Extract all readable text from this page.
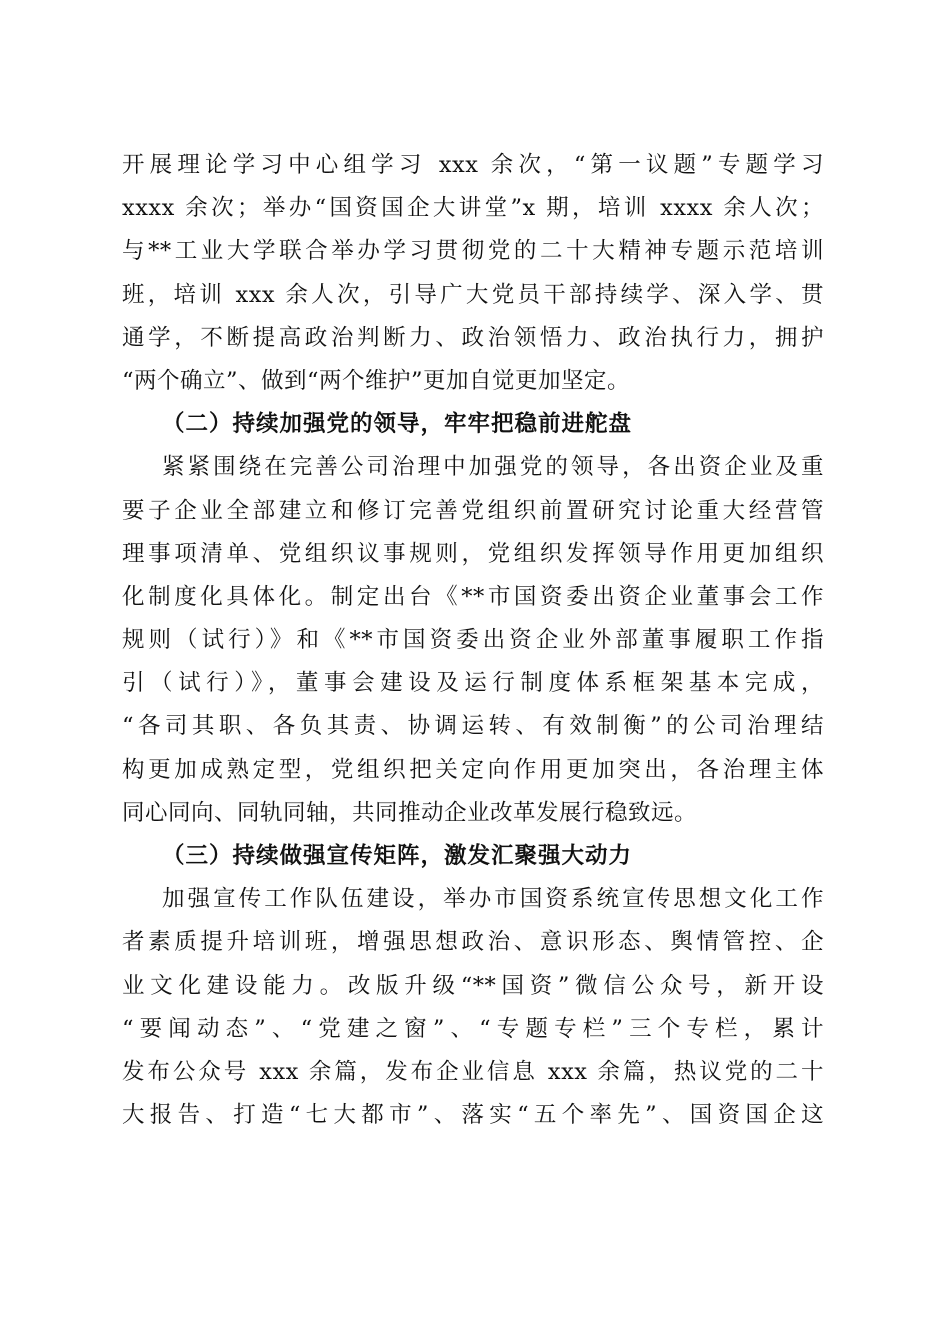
开展理论学习中心组学习 xxx 余次，“第一议题”专题学习
xxxx 余次；举办“国资国企大讲堂”x 期，培训 xxxx 余人次；
与**工业大学联合举办学习贯彻党的二十大精神专题示范培训
班，培训 xxx 余人次，引导广大党员干部持续学、深入学、贯
通学，不断提高政治判断力、政治领悟力、政治执行力，拥护
“两个确立”、做到“两个维护”更加自觉更加坚定。
（二）持续加强党的领导，牢牢把稳前进舵盘
紧紧围绕在完善公司治理中加强党的领导，各出资企业及重
要子企业全部建立和修订完善党组织前置研究讨论重大经营管
理事项清单、党组织议事规则，党组织发挥领导作用更加组织
化制度化具体化。制定出台《**市国资委出资企业董事会工作
规则（试行）》和《**市国资委出资企业外部董事履职工作指
引（试行）》，董事会建设及运行制度体系框架基本完成，
“各司其职、各负其责、协调运转、有效制衡”的公司治理结
构更加成熟定型，党组织把关定向作用更加突出，各治理主体
同心同向、同轨同轴，共同推动企业改革发展行稳致远。
（三）持续做强宣传矩阵，激发汇聚强大动力
加强宣传工作队伍建设，举办市国资系统宣传思想文化工作
者素质提升培训班，增强思想政治、意识形态、舆情管控、企
业文化建设能力。改版升级“**国资”微信公众号，新开设
“要闻动态”、“党建之窗”、“专题专栏”三个专栏，累计
发布公众号 xxx 余篇，发布企业信息 xxx 余篇，热议党的二十
大报告、打造“七大都市”、落实“五个率先”、国资国企这
